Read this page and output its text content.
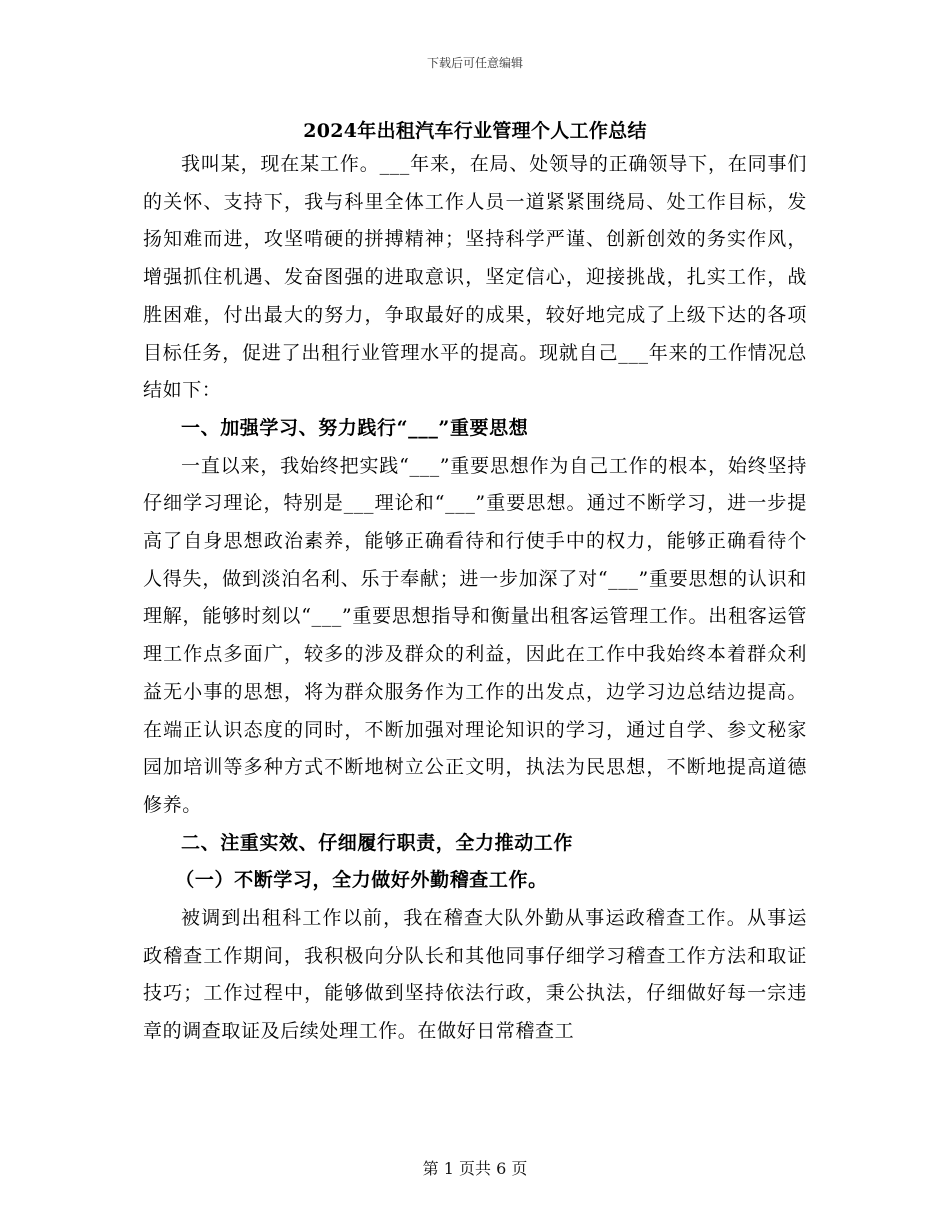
下载后可任意编辑
2024年出租汽车行业管理个人工作总结

我叫某，现在某工作。___年来，在局、处领导的正确领导下，在同事们的关怀、支持下，我与科里全体工作人员一道紧紧围绕局、处工作目标，发扬知难而进，攻坚啃硬的拼搏精神；坚持科学严谨、创新创效的务实作风，增强抓住机遇、发奋图强的进取意识，坚定信心，迎接挑战，扎实工作，战胜困难，付出最大的努力，争取最好的成果，较好地完成了上级下达的各项目标任务，促进了出租行业管理水平的提高。现就自己___年来的工作情况总结如下：

一、加强学习、努力践行“___”重要思想

一直以来，我始终把实践“___”重要思想作为自己工作的根本，始终坚持仔细学习理论，特别是___理论和“___”重要思想。通过不断学习，进一步提高了自身思想政治素养，能够正确看待和行使手中的权力，能够正确看待个人得失，做到淡泊名利、乐于奉献；进一步加深了对“___”重要思想的认识和理解，能够时刻以“___”重要思想指导和衡量出租客运管理工作。出租客运管理工作点多面广，较多的涉及群众的利益，因此在工作中我始终本着群众利益无小事的思想，将为群众服务作为工作的出发点，边学习边总结边提高。在端正认识态度的同时，不断加强对理论知识的学习，通过自学、参文秘家园加培训等多种方式不断地树立公正文明，执法为民思想，不断地提高道德修养。

二、注重实效、仔细履行职责，全力推动工作

（一）不断学习，全力做好外勤稽查工作。

被调到出租科工作以前，我在稽查大队外勤从事运政稽查工作。从事运政稽查工作期间，我积极向分队长和其他同事仔细学习稽查工作方法和取证技巧；工作过程中，能够做到坚持依法行政，秉公执法，仔细做好每一宗违章的调查取证及后续处理工作。在做好日常稽查工

第 1 页共 6 页
